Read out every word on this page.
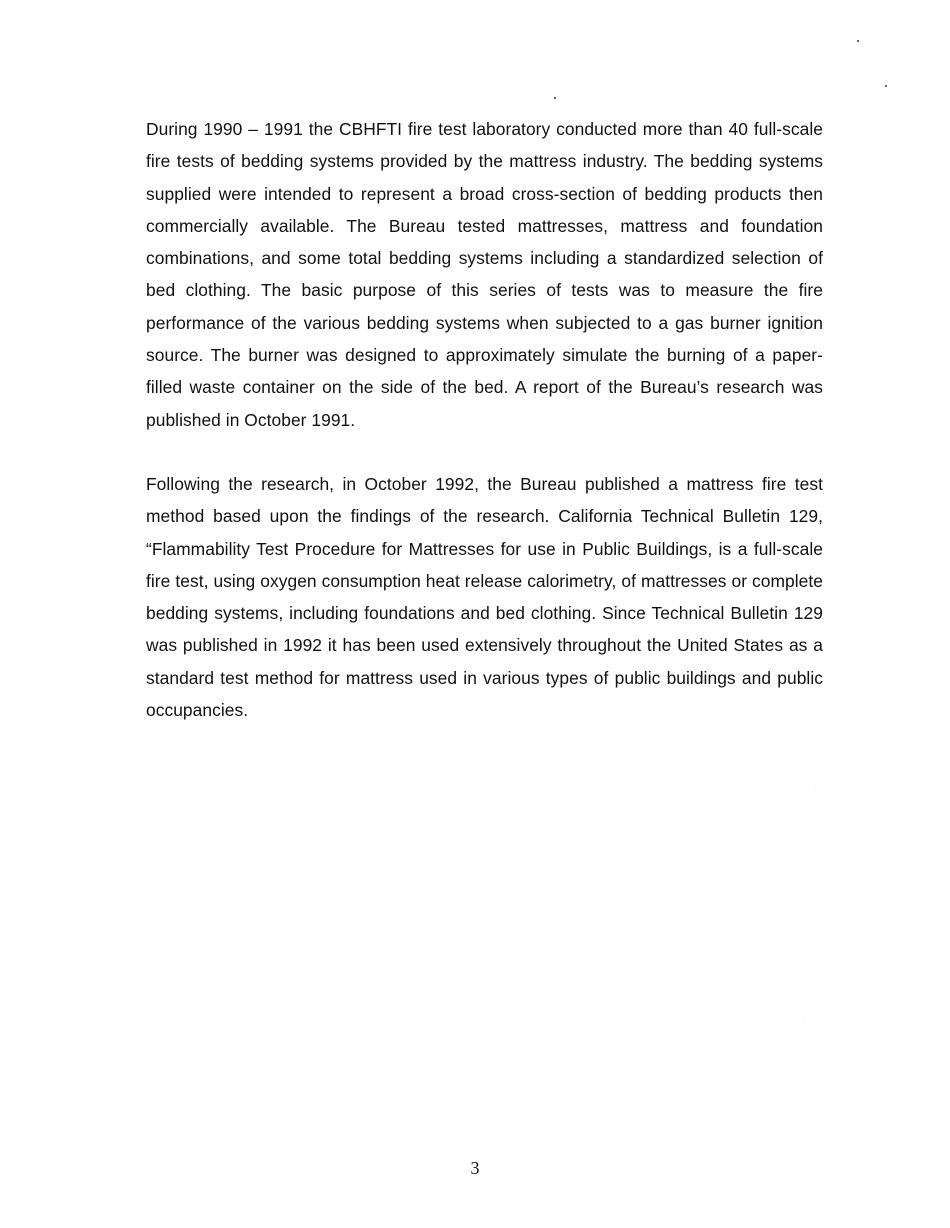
During 1990 – 1991 the CBHFTI fire test laboratory conducted more than 40 full-scale fire tests of bedding systems provided by the mattress industry. The bedding systems supplied were intended to represent a broad cross-section of bedding products then commercially available. The Bureau tested mattresses, mattress and foundation combinations, and some total bedding systems including a standardized selection of bed clothing. The basic purpose of this series of tests was to measure the fire performance of the various bedding systems when subjected to a gas burner ignition source. The burner was designed to approximately simulate the burning of a paper-filled waste container on the side of the bed. A report of the Bureau’s research was published in October 1991.

Following the research, in October 1992, the Bureau published a mattress fire test method based upon the findings of the research. California Technical Bulletin 129, “Flammability Test Procedure for Mattresses for use in Public Buildings, is a full-scale fire test, using oxygen consumption heat release calorimetry, of mattresses or complete bedding systems, including foundations and bed clothing. Since Technical Bulletin 129 was published in 1992 it has been used extensively throughout the United States as a standard test method for mattress used in various types of public buildings and public occupancies.

3
